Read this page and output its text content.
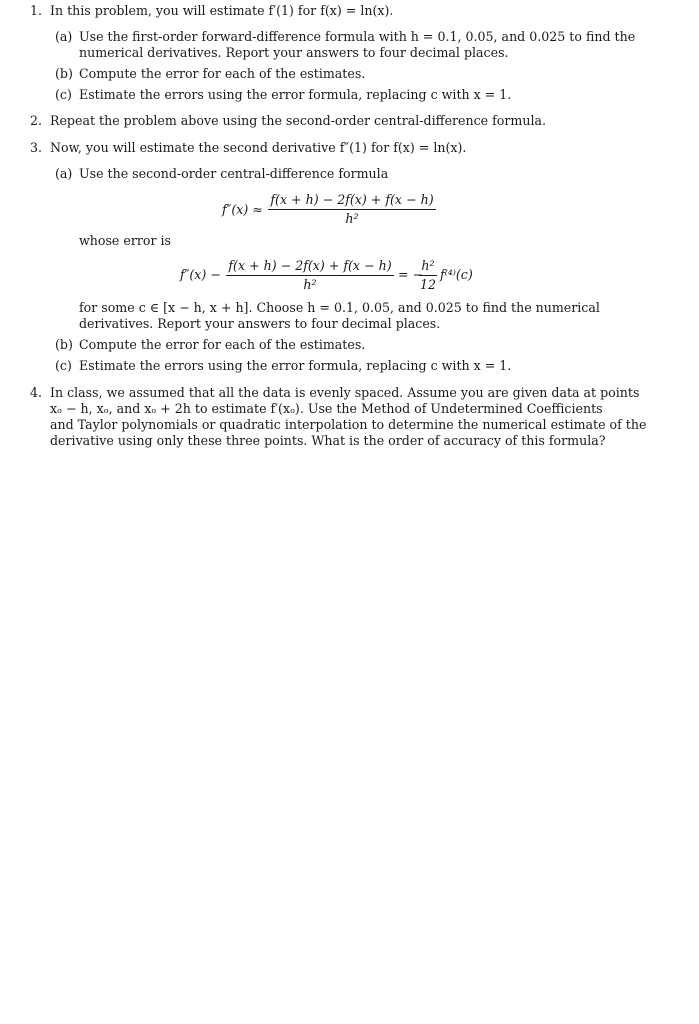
1. In this problem, you will estimate f′(1) for f(x) = ln(x).
(a) Use the first-order forward-difference formula with h = 0.1, 0.05, and 0.025 to find the
numerical derivatives. Report your answers to four decimal places.
(b) Compute the error for each of the estimates.
(c) Estimate the errors using the error formula, replacing c with x = 1.
2. Repeat the problem above using the second-order central-difference formula.
3. Now, you will estimate the second derivative f″(1) for f(x) = ln(x).
(a) Use the second-order central-difference formula
f″(x) ≈
f(x + h) − 2f(x) + f(x − h)
h²
whose error is
f″(x) −
f(x + h) − 2f(x) + f(x − h)
h²
= −
h²
12
f⁽⁴⁾(c)
for some c ∈ [x − h, x + h]. Choose h = 0.1, 0.05, and 0.025 to find the numerical
derivatives. Report your answers to four decimal places.
(b) Compute the error for each of the estimates.
(c) Estimate the errors using the error formula, replacing c with x = 1.
4. In class, we assumed that all the data is evenly spaced. Assume you are given data at points
xₒ − h, xₒ, and xₒ + 2h to estimate f′(xₒ). Use the Method of Undetermined Coefficients
and Taylor polynomials or quadratic interpolation to determine the numerical estimate of the
derivative using only these three points. What is the order of accuracy of this formula?
